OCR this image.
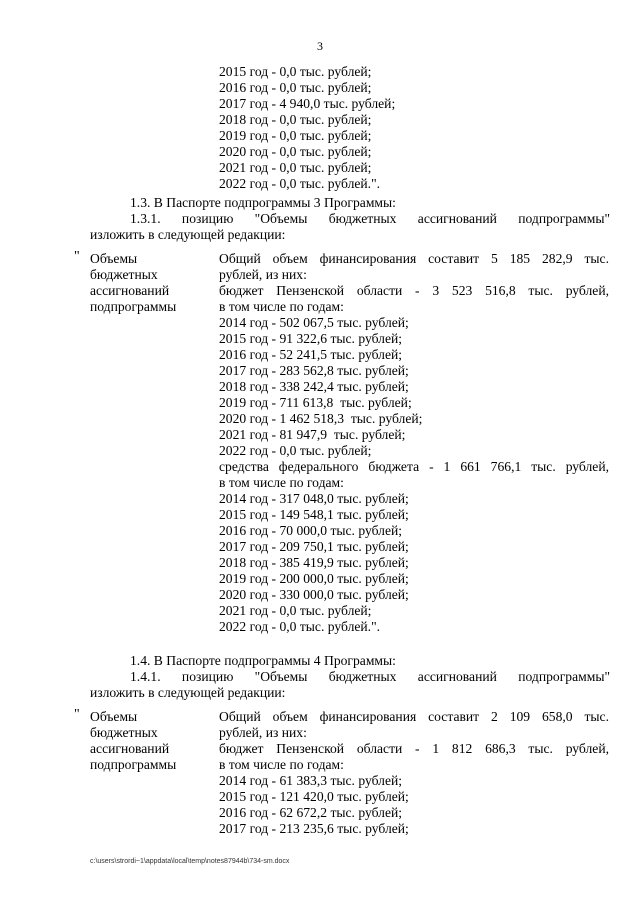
3
2015 год - 0,0 тыс. рублей;
2016 год - 0,0 тыс. рублей;
2017 год - 4 940,0 тыс. рублей;
2018 год - 0,0 тыс. рублей;
2019 год - 0,0 тыс. рублей;
2020 год - 0,0 тыс. рублей;
2021 год - 0,0 тыс. рублей;
2022 год - 0,0 тыс. рублей.".
1.3. В Паспорте подпрограммы 3 Программы:
1.3.1. позицию "Объемы бюджетных ассигнований подпрограммы"
изложить в следующей редакции:
" Объемы
бюджетных
ассигнований
подпрограммы
Общий объем финансирования составит 5 185 282,9 тыс.
рублей, из них:
бюджет Пензенской области - 3 523 516,8 тыс. рублей,
в том числе по годам:
2014 год - 502 067,5 тыс. рублей;
2015 год - 91 322,6 тыс. рублей;
2016 год - 52 241,5 тыс. рублей;
2017 год - 283 562,8 тыс. рублей;
2018 год - 338 242,4 тыс. рублей;
2019 год - 711 613,8  тыс. рублей;
2020 год - 1 462 518,3  тыс. рублей;
2021 год - 81 947,9  тыс. рублей;
2022 год - 0,0 тыс. рублей;
средства федерального бюджета - 1 661 766,1 тыс. рублей,
в том числе по годам:
2014 год - 317 048,0 тыс. рублей;
2015 год - 149 548,1 тыс. рублей;
2016 год - 70 000,0 тыс. рублей;
2017 год - 209 750,1 тыс. рублей;
2018 год - 385 419,9 тыс. рублей;
2019 год - 200 000,0 тыс. рублей;
2020 год - 330 000,0 тыс. рублей;
2021 год - 0,0 тыс. рублей;
2022 год - 0,0 тыс. рублей.".
1.4. В Паспорте подпрограммы 4 Программы:
1.4.1. позицию "Объемы бюджетных ассигнований подпрограммы"
изложить в следующей редакции:
" Объемы
бюджетных
ассигнований
подпрограммы
Общий объем финансирования составит 2 109 658,0 тыс.
рублей, из них:
бюджет Пензенской области - 1 812 686,3 тыс. рублей,
в том числе по годам:
2014 год - 61 383,3 тыс. рублей;
2015 год - 121 420,0 тыс. рублей;
2016 год - 62 672,2 тыс. рублей;
2017 год - 213 235,6 тыс. рублей;
c:\users\strordi~1\appdata\local\temp\notes87944b\734-sm.docx
